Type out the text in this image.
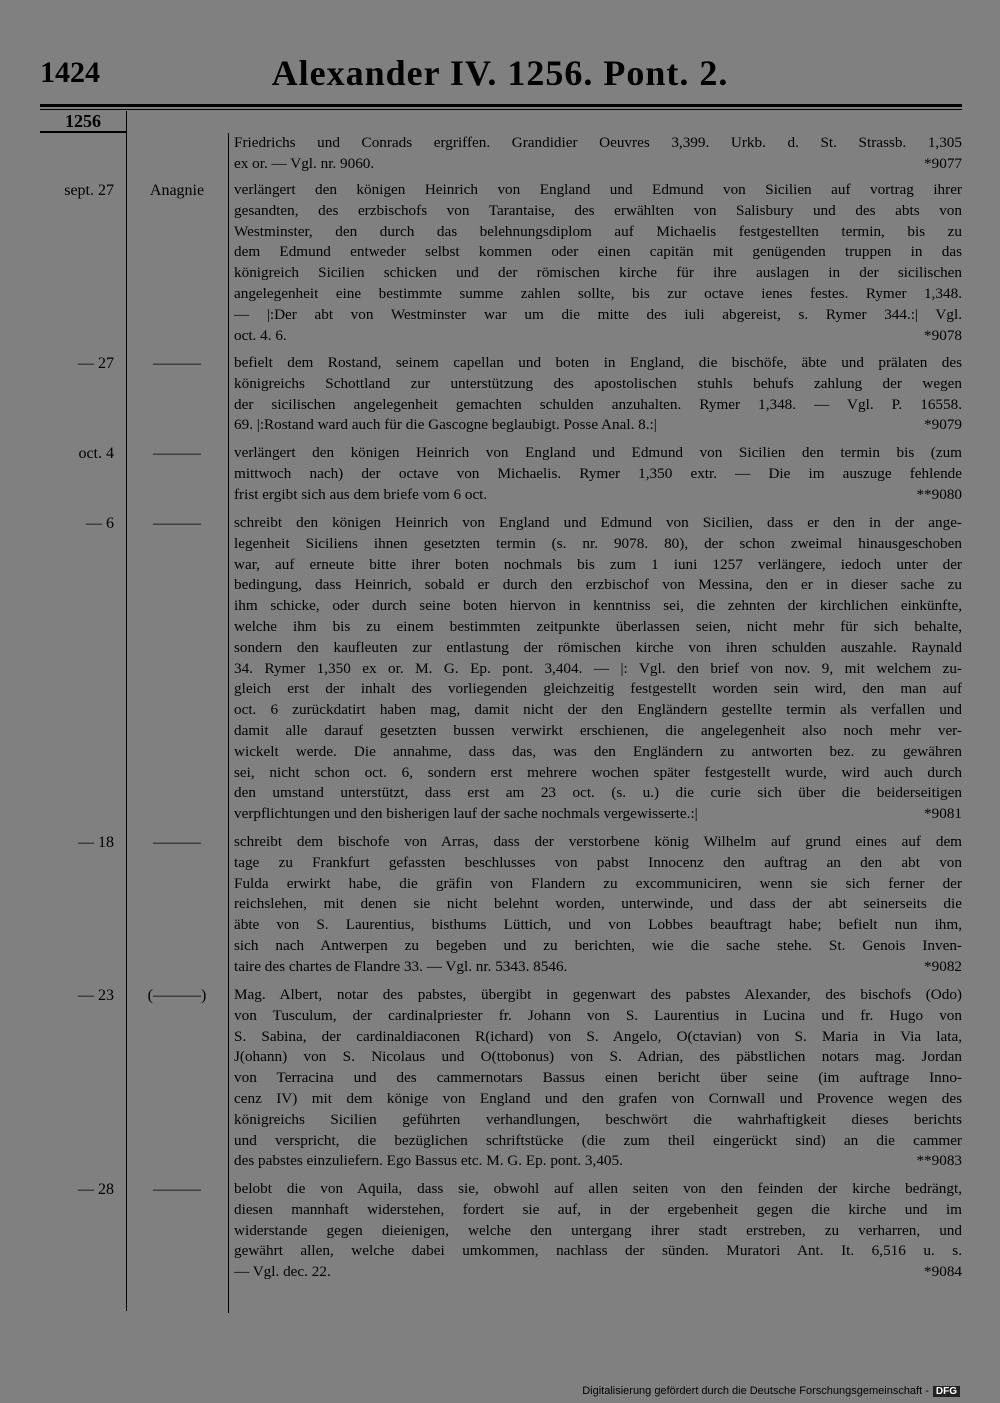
1424	Alexander IV. 1256. Pont. 2.
1256
Friedrichs und Conrads ergriffen. Grandidier Oeuvres 3,399. Urkb. d. St. Strassb. 1,305
ex or. — Vgl. nr. 9060.	*9077
sept. 27	Anagnie	verlängert den königen Heinrich von England und Edmund von Sicilien auf vortrag ihrer
gesandten, des erzbischofs von Tarantaise, des erwählten von Salisbury und des abts von
Westminster, den durch das belehnungsdiplom auf Michaelis festgestellten termin, bis zu
dem Edmund entweder selbst kommen oder einen capitän mit genügenden truppen in das
königreich Sicilien schicken und der römischen kirche für ihre auslagen in der sicilischen
angelegenheit eine bestimmte summe zahlen sollte, bis zur octave ienes festes. Rymer 1,348.
— |:Der abt von Westminster war um die mitte des iuli abgereist, s. Rymer 344.:| Vgl.
oct. 4. 6.	*9078
— 27	———	befielt dem Rostand, seinem capellan und boten in England, die bischöfe, äbte und prälaten des
königreichs Schottland zur unterstützung des apostolischen stuhls behufs zahlung der wegen
der sicilischen angelegenheit gemachten schulden anzuhalten. Rymer 1,348. — Vgl. P. 16558.
69. |:Rostand ward auch für die Gascogne beglaubigt. Posse Anal. 8.:|	*9079
oct. 4	———	verlängert den königen Heinrich von England und Edmund von Sicilien den termin bis (zum
mittwoch nach) der octave von Michaelis. Rymer 1,350 extr. — Die im auszuge fehlende
frist ergibt sich aus dem briefe vom 6 oct.	**9080
— 6	———	schreibt den königen Heinrich von England und Edmund von Sicilien, dass er den in der ange-
legenheit Siciliens ihnen gesetzten termin (s. nr. 9078. 80), der schon zweimal hinausgeschoben
war, auf erneute bitte ihrer boten nochmals bis zum 1 iuni 1257 verlängere, iedoch unter der
bedingung, dass Heinrich, sobald er durch den erzbischof von Messina, den er in dieser sache zu
ihm schicke, oder durch seine boten hiervon in kenntniss sei, die zehnten der kirchlichen einkünfte,
welche ihm bis zu einem bestimmten zeitpunkte überlassen seien, nicht mehr für sich behalte,
sondern den kaufleuten zur entlastung der römischen kirche von ihren schulden auszahle. Raynald
34. Rymer 1,350 ex or. M. G. Ep. pont. 3,404. — |: Vgl. den brief von nov. 9, mit welchem zu-
gleich erst der inhalt des vorliegenden gleichzeitig festgestellt worden sein wird, den man auf
oct. 6 zurückdatirt haben mag, damit nicht der den Engländern gestellte termin als verfallen und
damit alle darauf gesetzten bussen verwirkt erschienen, die angelegenheit also noch mehr ver-
wickelt werde. Die annahme, dass das, was den Engländern zu antworten bez. zu gewähren
sei, nicht schon oct. 6, sondern erst mehrere wochen später festgestellt wurde, wird auch durch
den umstand unterstützt, dass erst am 23 oct. (s. u.) die curie sich über die beiderseitigen
verpflichtungen und den bisherigen lauf der sache nochmals vergewisserte.:|	*9081
— 18	———	schreibt dem bischofe von Arras, dass der verstorbene könig Wilhelm auf grund eines auf dem
tage zu Frankfurt gefassten beschlusses von pabst Innocenz den auftrag an den abt von
Fulda erwirkt habe, die gräfin von Flandern zu excommuniciren, wenn sie sich ferner der
reichslehen, mit denen sie nicht belehnt worden, unterwinde, und dass der abt seinerseits die
äbte von S. Laurentius, bisthums Lüttich, und von Lobbes beauftragt habe; befielt nun ihm,
sich nach Antwerpen zu begeben und zu berichten, wie die sache stehe. St. Genois Inven-
taire des chartes de Flandre 33. — Vgl. nr. 5343. 8546.	*9082
— 23	(———)	Mag. Albert, notar des pabstes, übergibt in gegenwart des pabstes Alexander, des bischofs (Odo)
von Tusculum, der cardinalpriester fr. Johann von S. Laurentius in Lucina und fr. Hugo von
S. Sabina, der cardinaldiaconen R(ichard) von S. Angelo, O(ctavian) von S. Maria in Via lata,
J(ohann) von S. Nicolaus und O(ttobonus) von S. Adrian, des päbstlichen notars mag. Jordan
von Terracina und des cammernotars Bassus einen bericht über seine (im auftrage Inno-
cenz IV) mit dem könige von England und den grafen von Cornwall und Provence wegen des
königreichs Sicilien geführten verhandlungen, beschwört die wahrhaftigkeit dieses berichts
und verspricht, die bezüglichen schriftstücke (die zum theil eingerückt sind) an die cammer
des pabstes einzuliefern. Ego Bassus etc. M. G. Ep. pont. 3,405.	**9083
— 28	———	belobt die von Aquila, dass sie, obwohl auf allen seiten von den feinden der kirche bedrängt,
diesen mannhaft widerstehen, fordert sie auf, in der ergebenheit gegen die kirche und im
widerstande gegen dieienigen, welche den untergang ihrer stadt erstreben, zu verharren, und
gewährt allen, welche dabei umkommen, nachlass der sünden. Muratori Ant. It. 6,516 u. s.
— Vgl. dec. 22.	*9084
Digitalisierung gefördert durch die Deutsche Forschungsgemeinschaft - DFG
